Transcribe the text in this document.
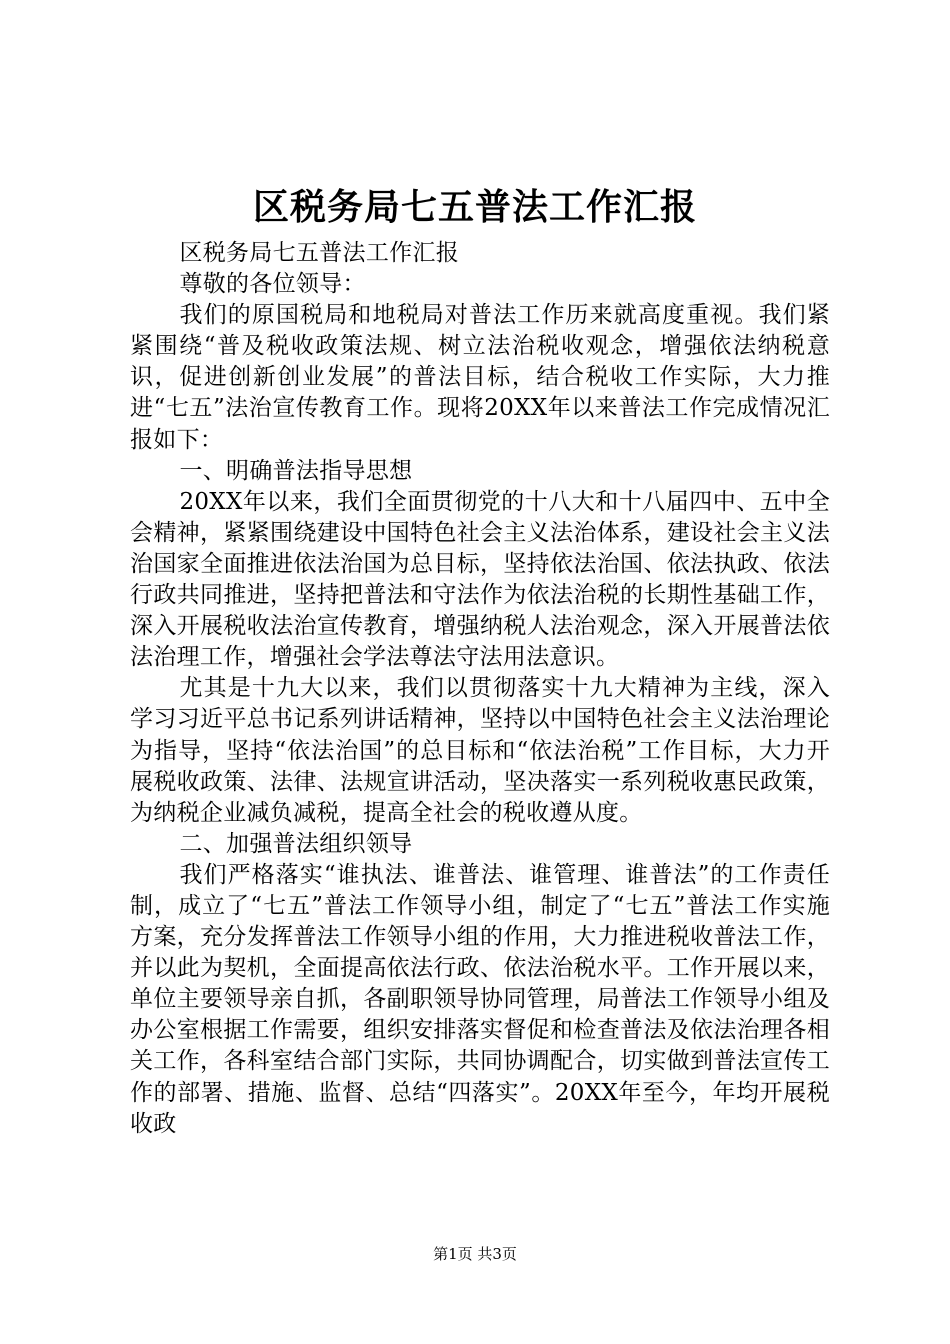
区税务局七五普法工作汇报

区税务局七五普法工作汇报

尊敬的各位领导：

我们的原国税局和地税局对普法工作历来就高度重视。我们紧紧围绕“普及税收政策法规、树立法治税收观念，增强依法纳税意识，促进创新创业发展”的普法目标，结合税收工作实际，大力推进“七五”法治宣传教育工作。现将20XX年以来普法工作完成情况汇报如下：

一、明确普法指导思想

20XX年以来，我们全面贯彻党的十八大和十八届四中、五中全会精神，紧紧围绕建设中国特色社会主义法治体系，建设社会主义法治国家全面推进依法治国为总目标，坚持依法治国、依法执政、依法行政共同推进，坚持把普法和守法作为依法治税的长期性基础工作，深入开展税收法治宣传教育，增强纳税人法治观念，深入开展普法依法治理工作，增强社会学法尊法守法用法意识。

尤其是十九大以来，我们以贯彻落实十九大精神为主线，深入学习习近平总书记系列讲话精神，坚持以中国特色社会主义法治理论为指导，坚持“依法治国”的总目标和“依法治税”工作目标，大力开展税收政策、法律、法规宣讲活动，坚决落实一系列税收惠民政策，为纳税企业减负减税，提高全社会的税收遵从度。

二、加强普法组织领导

我们严格落实“谁执法、谁普法、谁管理、谁普法”的工作责任制，成立了“七五”普法工作领导小组，制定了“七五”普法工作实施方案，充分发挥普法工作领导小组的作用，大力推进税收普法工作，并以此为契机，全面提高依法行政、依法治税水平。工作开展以来，单位主要领导亲自抓，各副职领导协同管理，局普法工作领导小组及办公室根据工作需要，组织安排落实督促和检查普法及依法治理各相关工作，各科室结合部门实际，共同协调配合，切实做到普法宣传工作的部署、措施、监督、总结“四落实”。20XX年至今，年均开展税收政

第1页 共3页
